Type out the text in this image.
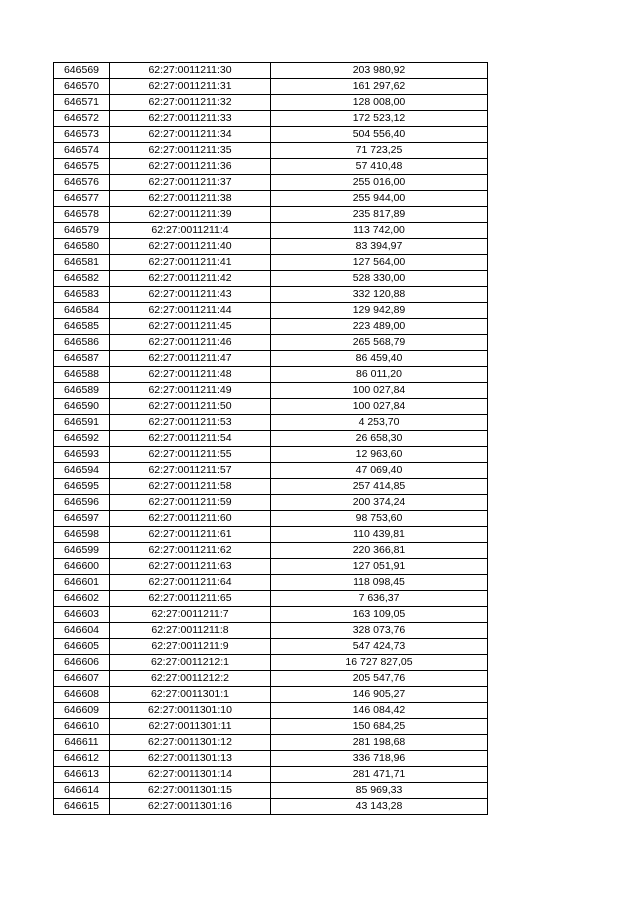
646569	62:27:0011211:30	203 980,92
646570	62:27:0011211:31	161 297,62
646571	62:27:0011211:32	128 008,00
646572	62:27:0011211:33	172 523,12
646573	62:27:0011211:34	504 556,40
646574	62:27:0011211:35	71 723,25
646575	62:27:0011211:36	57 410,48
646576	62:27:0011211:37	255 016,00
646577	62:27:0011211:38	255 944,00
646578	62:27:0011211:39	235 817,89
646579	62:27:0011211:4	113 742,00
646580	62:27:0011211:40	83 394,97
646581	62:27:0011211:41	127 564,00
646582	62:27:0011211:42	528 330,00
646583	62:27:0011211:43	332 120,88
646584	62:27:0011211:44	129 942,89
646585	62:27:0011211:45	223 489,00
646586	62:27:0011211:46	265 568,79
646587	62:27:0011211:47	86 459,40
646588	62:27:0011211:48	86 011,20
646589	62:27:0011211:49	100 027,84
646590	62:27:0011211:50	100 027,84
646591	62:27:0011211:53	4 253,70
646592	62:27:0011211:54	26 658,30
646593	62:27:0011211:55	12 963,60
646594	62:27:0011211:57	47 069,40
646595	62:27:0011211:58	257 414,85
646596	62:27:0011211:59	200 374,24
646597	62:27:0011211:60	98 753,60
646598	62:27:0011211:61	110 439,81
646599	62:27:0011211:62	220 366,81
646600	62:27:0011211:63	127 051,91
646601	62:27:0011211:64	118 098,45
646602	62:27:0011211:65	7 636,37
646603	62:27:0011211:7	163 109,05
646604	62:27:0011211:8	328 073,76
646605	62:27:0011211:9	547 424,73
646606	62:27:0011212:1	16 727 827,05
646607	62:27:0011212:2	205 547,76
646608	62:27:0011301:1	146 905,27
646609	62:27:0011301:10	146 084,42
646610	62:27:0011301:11	150 684,25
646611	62:27:0011301:12	281 198,68
646612	62:27:0011301:13	336 718,96
646613	62:27:0011301:14	281 471,71
646614	62:27:0011301:15	85 969,33
646615	62:27:0011301:16	43 143,28
